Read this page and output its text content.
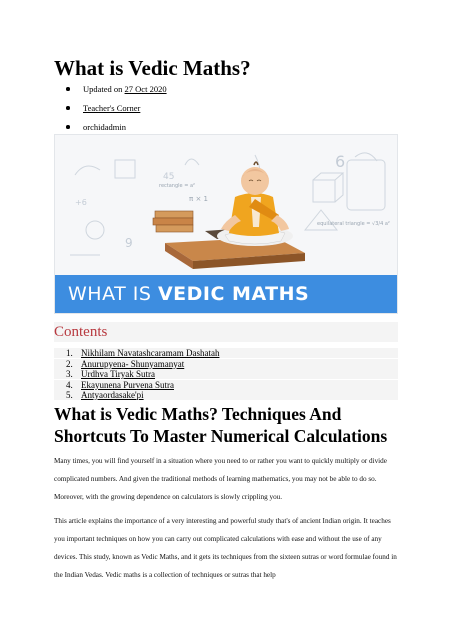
What is Vedic Maths?
Updated on 27 Oct 2020
Teacher's Corner
orchidadmin
45
6
9
+6
rectangle = a²
π × 1
equilateral triangle = √3/4 a²
WHAT IS VEDIC MATHS
Contents
1. Nikhilam Navatashcaramam Dashatah
2. Anurupyena- Shunyamanyat
3. Urdhva Tiryak Sutra
4. Ekayunena Purvena Sutra
5. Antyaordasake'pi
What is Vedic Maths? Techniques And Shortcuts To Master Numerical Calculations

Many times, you will find yourself in a situation where you need to or rather you want to quickly multiply or divide complicated numbers. And given the traditional methods of learning mathematics, you may not be able to do so. Moreover, with the growing dependence on calculators is slowly crippling you.

This article explains the importance of a very interesting and powerful study that's of ancient Indian origin. It teaches you important techniques on how you can carry out complicated calculations with ease and without the use of any devices. This study, known as Vedic Maths, and it gets its techniques from the sixteen sutras or word formulae found in the Indian Vedas. Vedic maths is a collection of techniques or sutras that help
